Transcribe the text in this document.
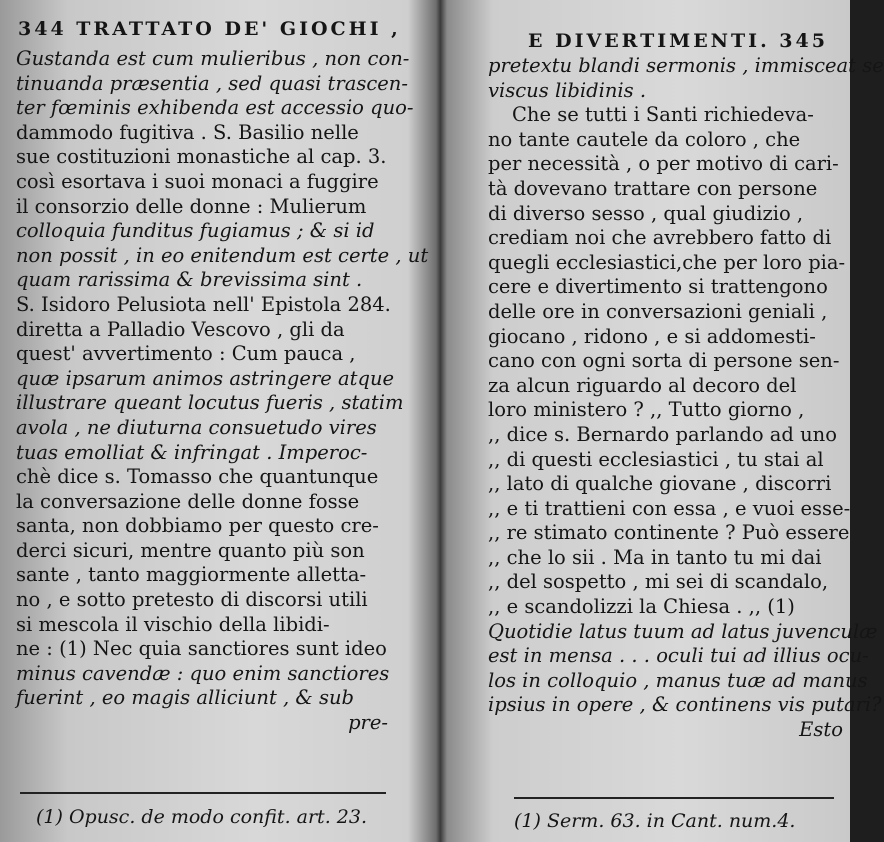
344 TRATTATO DE' GIOCHI ,
Gustanda est cum mulieribus , non con-
tinuanda præsentia , sed quasi trascen-
ter fœminis exhibenda est accessio quo-
dammodo fugitiva . S. Basilio nelle
sue costituzioni monastiche al cap. 3.
così esortava i suoi monaci a fuggire
il consorzio delle donne : Mulierum
colloquia funditus fugiamus ; & si id
non possit , in eo enitendum est certe , ut
quam rarissima & brevissima sint .
S. Isidoro Pelusiota nell' Epistola 284.
diretta a Palladio Vescovo , gli da
quest' avvertimento : Cum pauca ,
quæ ipsarum animos astringere atque
illustrare queant locutus fueris , statim
avola , ne diuturna consuetudo vires
tuas emolliat & infringat . Imperoc-
chè dice s. Tomasso che quantunque
la conversazione delle donne fosse
santa, non dobbiamo per questo cre-
derci sicuri, mentre quanto più son
sante , tanto maggiormente alletta-
no , e sotto pretesto di discorsi utili
si mescola il vischio della libidi-
ne : (1) Nec quia sanctiores sunt ideo
minus cavendæ : quo enim sanctiores
fuerint , eo magis alliciunt , & sub
pre-
(1) Opusc. de modo confit. art. 23.
E DIVERTIMENTI. 345
pretextu blandi sermonis , immisceat se
viscus libidinis .
Che se tutti i Santi richiedeva-
no tante cautele da coloro , che
per necessità , o per motivo di cari-
tà dovevano trattare con persone
di diverso sesso , qual giudizio ,
crediam noi che avrebbero fatto di
quegli ecclesiastici,che per loro pia-
cere e divertimento si trattengono
delle ore in conversazioni geniali ,
giocano , ridono , e si addomesti-
cano con ogni sorta di persone sen-
za alcun riguardo al decoro del
loro ministero ? ,, Tutto giorno ,
,, dice s. Bernardo parlando ad uno
,, di questi ecclesiastici , tu stai al
,, lato di qualche giovane , discorri
,, e ti trattieni con essa , e vuoi esse-
,, re stimato continente ? Può essere
,, che lo sii . Ma in tanto tu mi dai
,, del sospetto , mi sei di scandalo,
,, e scandolizzi la Chiesa . ,, (1)
Quotidie latus tuum ad latus juvenculæ
est in mensa . . . oculi tui ad illius ocu-
los in colloquio , manus tuæ ad manus
ipsius in opere , & continens vis putari?
Esto
(1) Serm. 63. in Cant. num.4.
